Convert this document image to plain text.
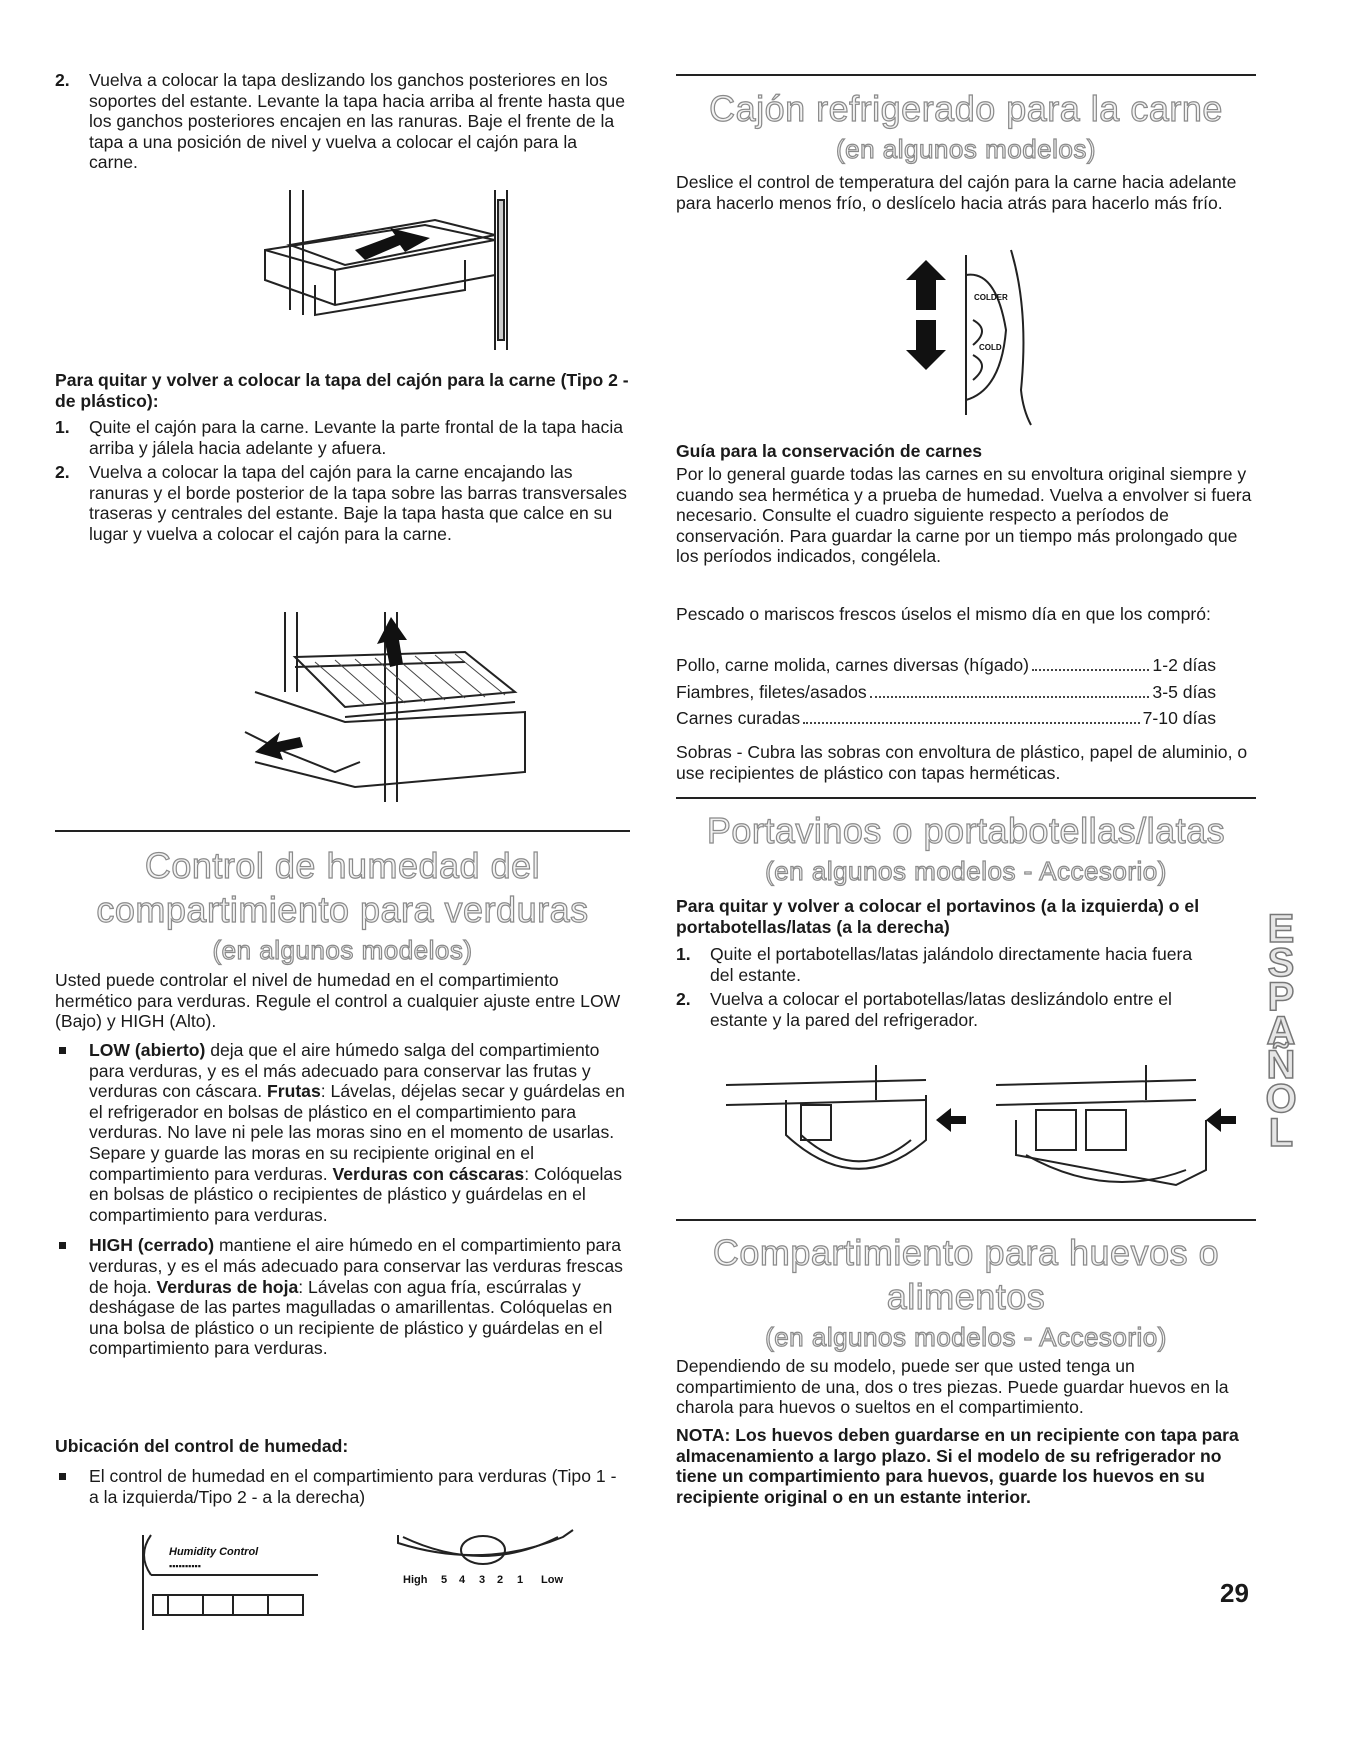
2.	Vuelva a colocar la tapa deslizando los ganchos posteriores en los soportes del estante. Levante la tapa hacia arriba al frente hasta que los ganchos posteriores encajen en las ranuras. Baje el frente de la tapa a una posición de nivel y vuelva a colocar el cajón para la carne.

Para quitar y volver a colocar la tapa del cajón para la carne (Tipo 2 - de plástico):

1.	Quite el cajón para la carne. Levante la parte frontal de la tapa hacia arriba y jálela hacia adelante y afuera.

2.	Vuelva a colocar la tapa del cajón para la carne encajando las ranuras y el borde posterior de la tapa sobre las barras transversales traseras y centrales del estante. Baje la tapa hasta que calce en su lugar y vuelva a colocar el cajón para la carne.

Control de humedad del
compartimiento para verduras
(en algunos modelos)

Usted puede controlar el nivel de humedad en el compartimiento hermético para verduras. Regule el control a cualquier ajuste entre LOW (Bajo) y HIGH (Alto).

LOW (abierto) deja que el aire húmedo salga del compartimiento para verduras, y es el más adecuado para conservar las frutas y verduras con cáscara. Frutas: Lávelas, déjelas secar y guárdelas en el refrigerador en bolsas de plástico en el compartimiento para verduras. No lave ni pele las moras sino en el momento de usarlas. Separe y guarde las moras en su recipiente original en el compartimiento para verduras. Verduras con cáscaras: Colóquelas en bolsas de plástico o recipientes de plástico y guárdelas en el compartimiento para verduras.
HIGH (cerrado) mantiene el aire húmedo en el compartimiento para verduras, y es el más adecuado para conservar las verduras frescas de hoja. Verduras de hoja: Lávelas con agua fría, escúrralas y deshágase de las partes magulladas o amarillentas. Colóquelas en una bolsa de plástico o un recipiente de plástico y guárdelas en el compartimiento para verduras.

Ubicación del control de humedad:

El control de humedad en el compartimiento para verduras (Tipo 1 - a la izquierda/Tipo 2 - a la derecha)
Humidity Control
▪▪▪▪▪▪▪▪▪▪
High 5 4 3 2 1 Low
Cajón refrigerado para la carne
(en algunos modelos)

Deslice el control de temperatura del cajón para la carne hacia adelante para hacerlo menos frío, o deslícelo hacia atrás para hacerlo más frío.

COLDER
COLD

Guía para la conservación de carnes

Por lo general guarde todas las carnes en su envoltura original siempre y cuando sea hermética y a prueba de humedad. Vuelva a envolver si fuera necesario. Consulte el cuadro siguiente respecto a períodos de conservación. Para guardar la carne por un tiempo más prolongado que los períodos indicados, congélela.

Pescado o mariscos frescos úselos el mismo día en que los compró:

Pollo, carne molida, carnes diversas (hígado)	1-2 días
Fiambres, filetes/asados	3-5 días
Carnes curadas	7-10 días

Sobras - Cubra las sobras con envoltura de plástico, papel de aluminio, o use recipientes de plástico con tapas herméticas.

Portavinos o portabotellas/latas
(en algunos modelos - Accesorio)

Para quitar y volver a colocar el portavinos (a la izquierda) o el portabotellas/latas (a la derecha)

1.	Quite el portabotellas/latas jalándolo directamente hacia fuera del estante.

2.	Vuelva a colocar el portabotellas/latas deslizándolo entre el estante y la pared del refrigerador.

Compartimiento para huevos o
alimentos
(en algunos modelos - Accesorio)

Dependiendo de su modelo, puede ser que usted tenga un compartimiento de una, dos o tres piezas. Puede guardar huevos en la charola para huevos o sueltos en el compartimiento.

NOTA: Los huevos deben guardarse en un recipiente con tapa para almacenamiento a largo plazo. Si el modelo de su refrigerador no tiene un compartimiento para huevos, guarde los huevos en su recipiente original o en un estante interior.

E
S
P
A
Ñ
O
L
29
